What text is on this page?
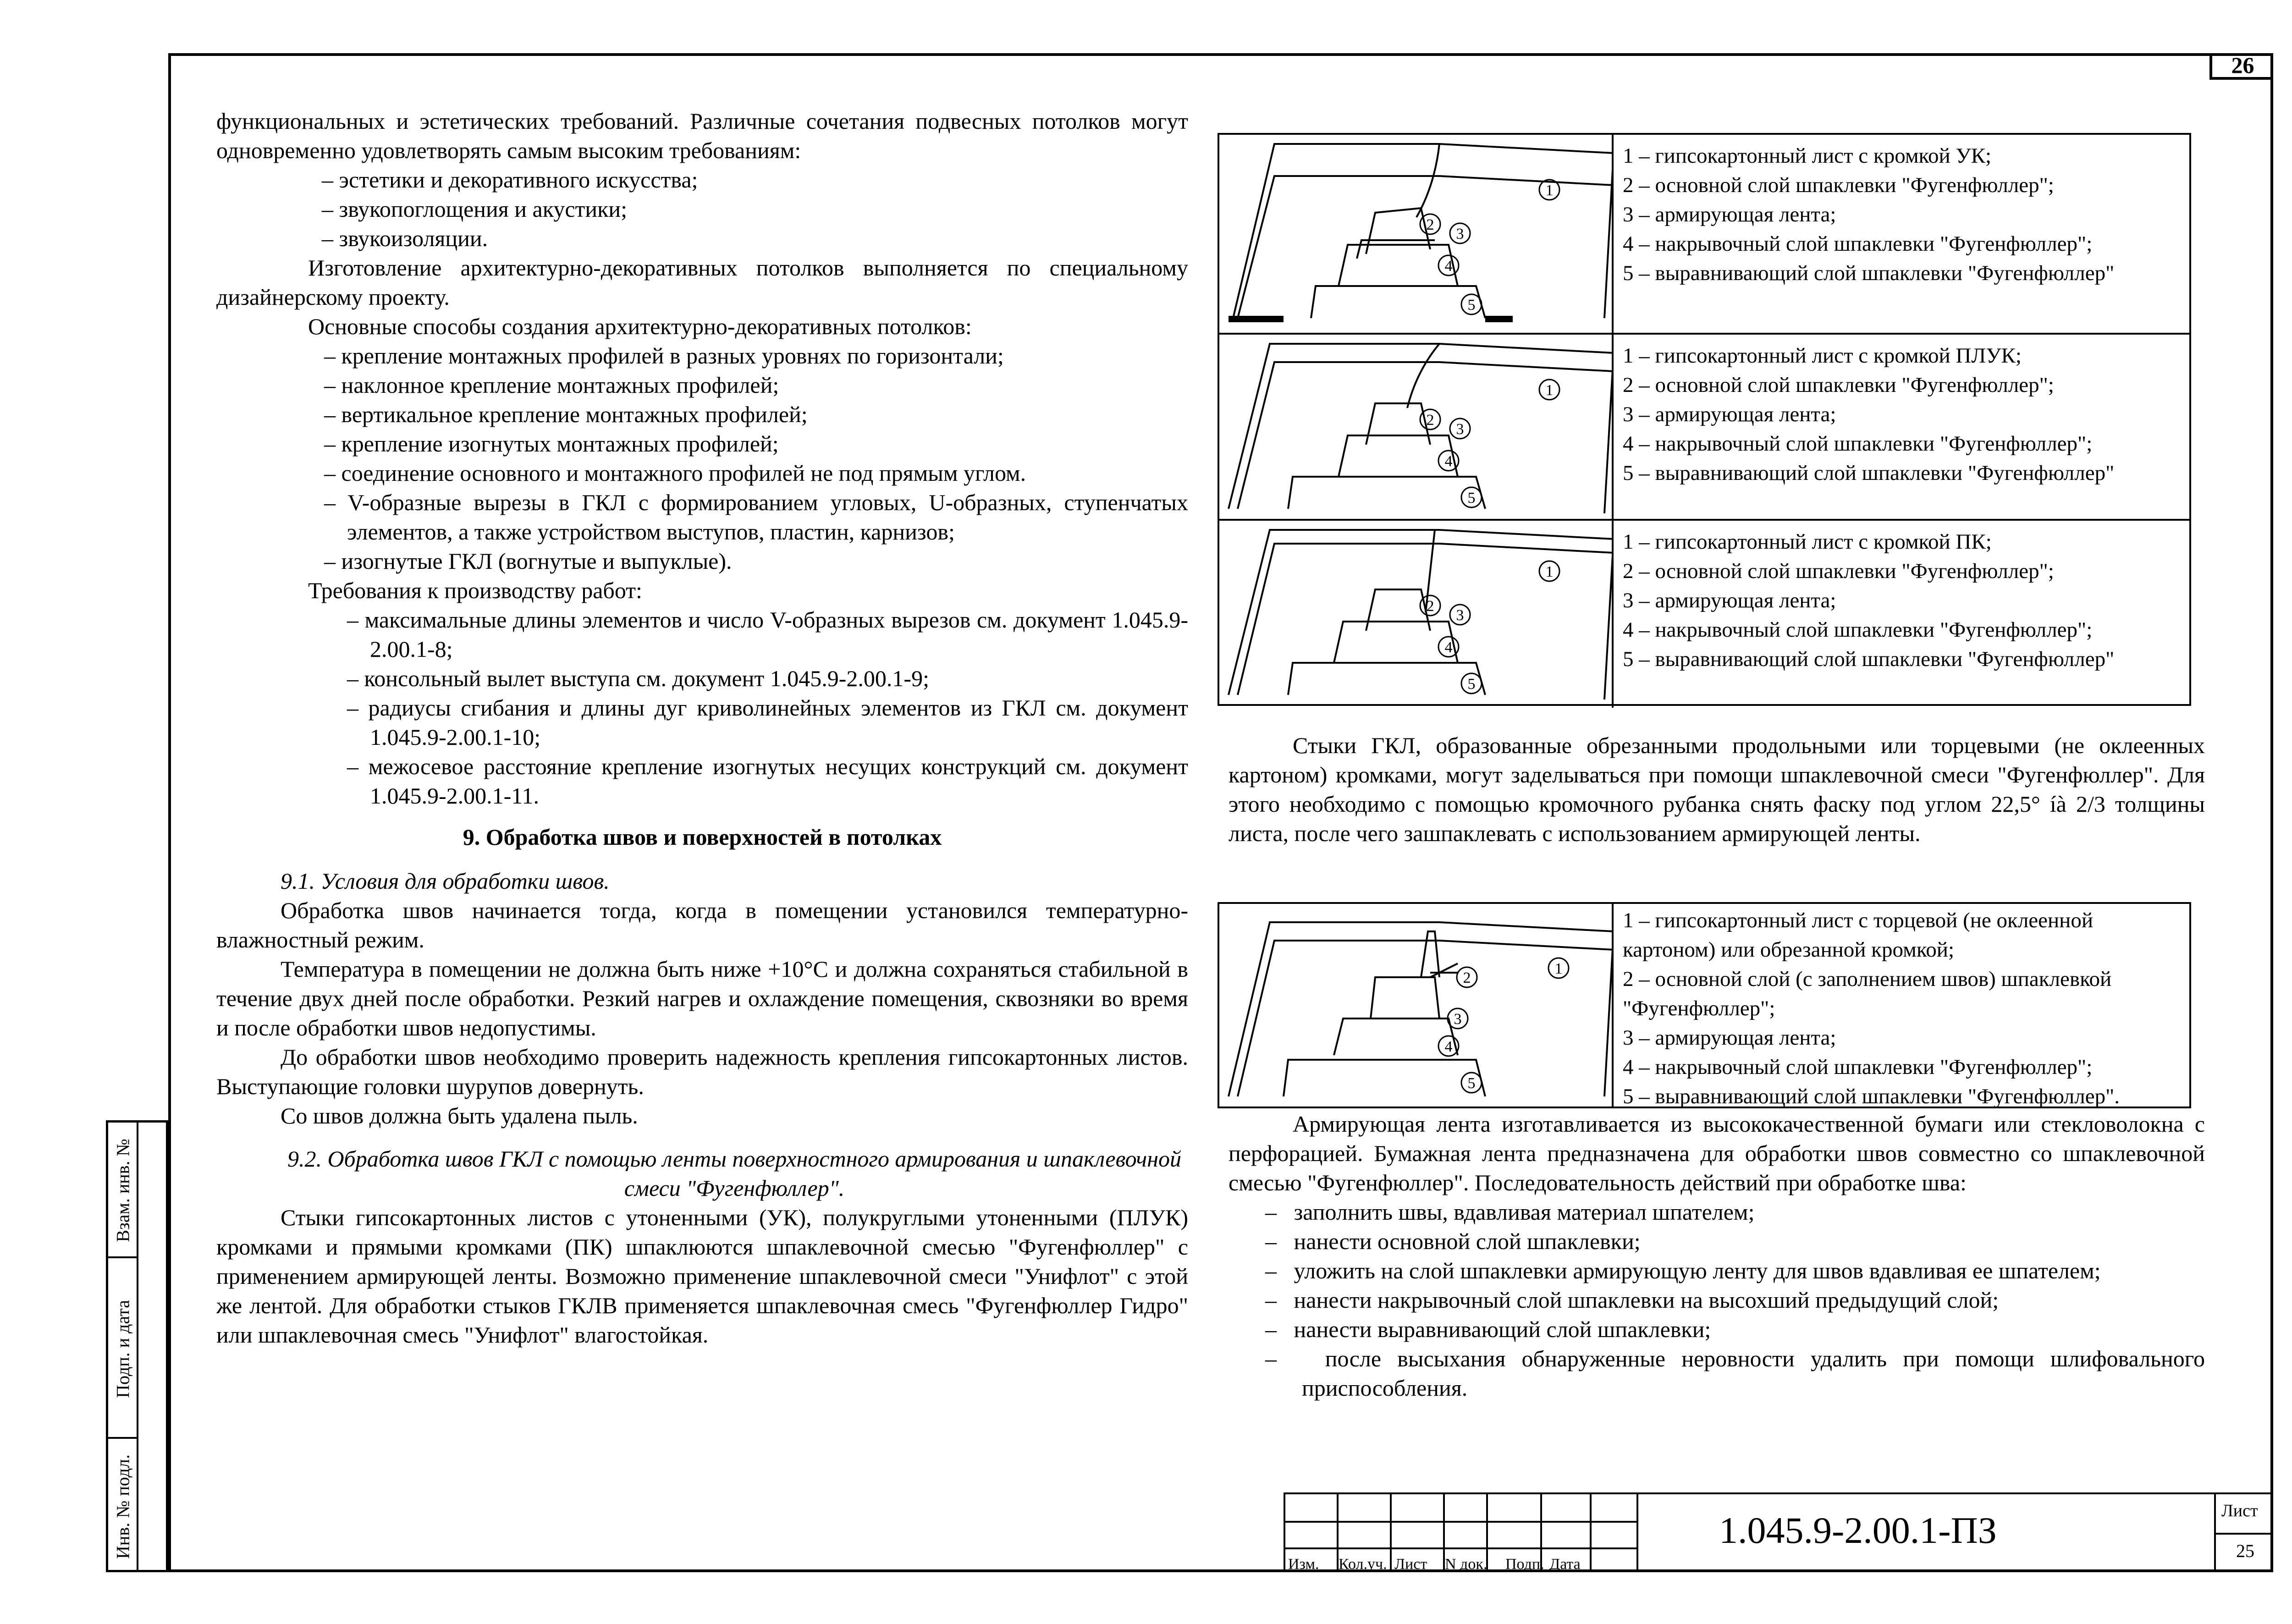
26
Взам. инв. №
Подп. и дата
Инв. № подл.

функциональных и эстетических требований. Различные сочетания подвесных потолков могут одновременно удовлетворять самым высоким требованиям:

– эстетики и декоративного искусства;
– звукопоглощения и акустики;
– звукоизоляции.

Изготовление архитектурно-декоративных потолков выполняется по специальному дизайнерскому проекту.

Основные способы создания архитектурно-декоративных потолков:

– крепление монтажных профилей в разных уровнях по горизонтали;
– наклонное крепление монтажных профилей;
– вертикальное крепление монтажных профилей;
– крепление изогнутых монтажных профилей;
– соединение основного и монтажного профилей не под прямым углом.
– V-образные вырезы в ГКЛ с формированием угловых, U-образных, ступенчатых элементов, а также устройством выступов, пластин, карнизов;
– изогнутые ГКЛ (вогнутые и выпуклые).

Требования к производству работ:

– максимальные длины элементов и число V-образных вырезов см. документ 1.045.9-2.00.1-8;
– консольный вылет выступа см. документ 1.045.9-2.00.1-9;
– радиусы сгибания и длины дуг криволинейных элементов из ГКЛ см. документ 1.045.9-2.00.1-10;
– межосевое расстояние крепление изогнутых несущих конструкций см. документ 1.045.9-2.00.1-11.

9. Обработка швов и поверхностей в потолках

9.1. Условия для обработки швов.

Обработка швов начинается тогда, когда в помещении установился температурно-влажностный режим.

Температура в помещении не должна быть ниже +10°С и должна сохраняться стабильной в течение двух дней после обработки. Резкий нагрев и охлаждение помещения, сквозняки во время и после обработки швов недопустимы.

До обработки швов необходимо проверить надежность крепления гипсокартонных листов. Выступающие головки шурупов довернуть.

Со швов должна быть удалена пыль.

9.2. Обработка швов ГКЛ с помощью ленты поверхностного армирования и шпаклевочной смеси "Фугенфюллер".

Стыки гипсокартонных листов с утоненными (УК), полукруглыми утоненными (ПЛУК) кромками и прямыми кромками (ПК) шпаклюются шпаклевочной смесью "Фугенфюллер" с применением армирующей ленты. Возможно применение шпаклевочной смеси "Унифлот" с этой же лентой. Для обработки стыков ГКЛВ применяется шпаклевочная смесь "Фугенфюллер Гидро" или шпаклевочная смесь "Унифлот" влагостойкая.

1
2
3
4
5
1 – гипсокартонный лист с кромкой УК;
2 – основной слой шпаклевки "Фугенфюллер";
3 – армирующая лента;
4 – накрывочный слой шпаклевки "Фугенфюллер";
5 – выравнивающий слой шпаклевки "Фугенфюллер"
1
2
3
4
5
1 – гипсокартонный лист с кромкой ПЛУК;
2 – основной слой шпаклевки "Фугенфюллер";
3 – армирующая лента;
4 – накрывочный слой шпаклевки "Фугенфюллер";
5 – выравнивающий слой шпаклевки "Фугенфюллер"
1
2
3
4
5
1 – гипсокартонный лист с кромкой ПК;
2 – основной слой шпаклевки "Фугенфюллер";
3 – армирующая лента;
4 – накрывочный слой шпаклевки "Фугенфюллер";
5 – выравнивающий слой шпаклевки "Фугенфюллер"

Стыки ГКЛ, образованные обрезанными продольными или торцевыми (не оклеенных картоном) кромками, могут заделываться при помощи шпаклевочной смеси "Фугенфюллер". Для этого необходимо с помощью кромочного рубанка снять фаску под углом 22,5° íà 2/3 толщины листа, после чего зашпаклевать с использованием армирующей ленты.

1
2
3
4
5
1 – гипсокартонный лист с торцевой (не оклеенной картоном) или обрезанной кромкой;
2 – основной слой (с заполнением швов) шпаклевкой "Фугенфюллер";
3 – армирующая лента;
4 – накрывочный слой шпаклевки "Фугенфюллер";
5 – выравнивающий слой шпаклевки "Фугенфюллер".

Армирующая лента изготавливается из высококачественной бумаги или стекловолокна с перфорацией. Бумажная лента предназначена для обработки швов совместно со шпаклевочной смесью "Фугенфюллер". Последовательность действий при обработке шва:

–   заполнить швы, вдавливая материал шпателем;
–   нанести основной слой шпаклевки;
–   уложить на слой шпаклевки армирующую ленту для швов вдавливая ее шпателем;
–   нанести накрывочный слой шпаклевки на высохший предыдущий слой;
–   нанести выравнивающий слой шпаклевки;
–   после высыхания обнаруженные неровности удалить при помощи шлифовального приспособления.
Изм. Кол.уч. Лист N док. Подп. Дата
1.045.9-2.00.1-ПЗ	Лист
25
